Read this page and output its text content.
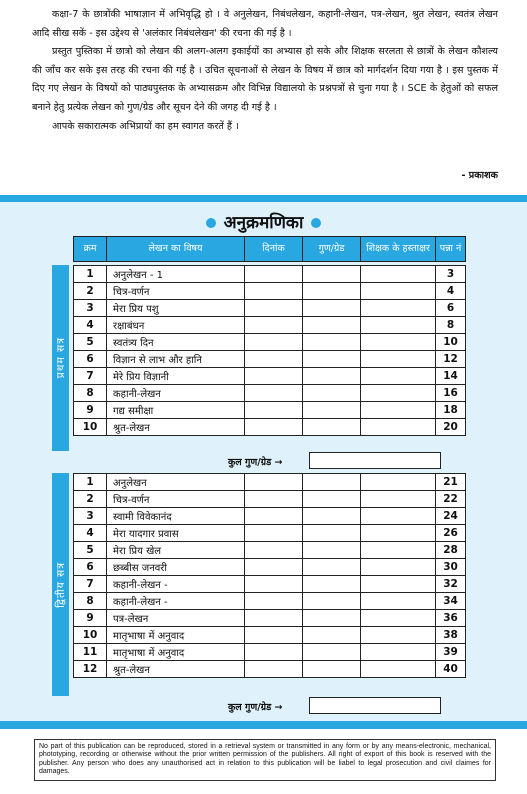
कक्षा-7 के छात्रोंकी भाषाज्ञान में अभिवृद्धि हो । वे अनुलेखन, निबंधलेखन, कहानी-लेखन, पत्र-लेखन, श्रुत लेखन, स्वतंत्र लेखन आदि सीख सकें - इस उद्देश्य से 'अलंकार निबंधलेखन' की रचना की गई है ।

प्रस्तुत पुस्तिका में छात्रो को लेखन की अलग-अलग इकाईयों का अभ्यास हो सके और शिक्षक सरलता से छात्रों के लेखन कौशल्य की जाँच कर सके इस तरह की रचना की गई है । उचित सूचनाओं से लेखन के विषय में छात्र को मार्गदर्शन दिया गया है । इस पुस्तक में दिए गए लेखन के विषयों को पाठ्यपुस्तक के अभ्यासक्रम और विभिन्न विद्यालयो के प्रश्नपत्रों से चुना गया है । SCE के हेतुओं को सफल बनाने हेतु प्रत्येक लेखन को गुण/ग्रेड और सूचन देने की जगह दी गई है ।

आपके सकारात्मक अभिप्रायों का हम स्वागत करतें हैं ।

- प्रकाशक
अनुक्रमणिका
क्रम	लेखन का विषय	दिनांक	गुण/ग्रेड	शिक्षक के हस्ताक्षर	पन्ना नं
प्रथम सत्र
1	अनुलेखन - 1				3
2	चित्र-वर्णन				4
3	मेरा प्रिय पशु				6
4	रक्षाबंधन				8
5	स्वतंत्र्य दिन				10
6	विज्ञान से लाभ और हानि				12
7	मेरे प्रिय विज्ञानी				14
8	कहानी-लेखन				16
9	गद्य समीक्षा				18
10	श्रुत-लेखन				20
कुल गुण/ग्रेड →
द्वितीय सत्र
1	अनुलेखन				21
2	चित्र-वर्णन				22
3	स्वामी विवेकानंद				24
4	मेरा यादगार प्रवास				26
5	मेरा प्रिय खेल				28
6	छब्बीस जनवरी				30
7	कहानी-लेखन -				32
8	कहानी-लेखन -				34
9	पत्र-लेखन				36
10	मातृभाषा में अनुवाद				38
11	मातृभाषा में अनुवाद				39
12	श्रुत-लेखन				40
कुल गुण/ग्रेड →
No part of this publication can be reproduced, stored in a retrieval system or transmitted in any form or by any means-electronic, mechanical, phototyping, recording or otherwise without the prior written permission of the publishers. All right of export of this book is reserved with the publisher. Any person who does any unauthorised act in relation to this publication will be liabel to legal prosecution and civil claimes for damages.
